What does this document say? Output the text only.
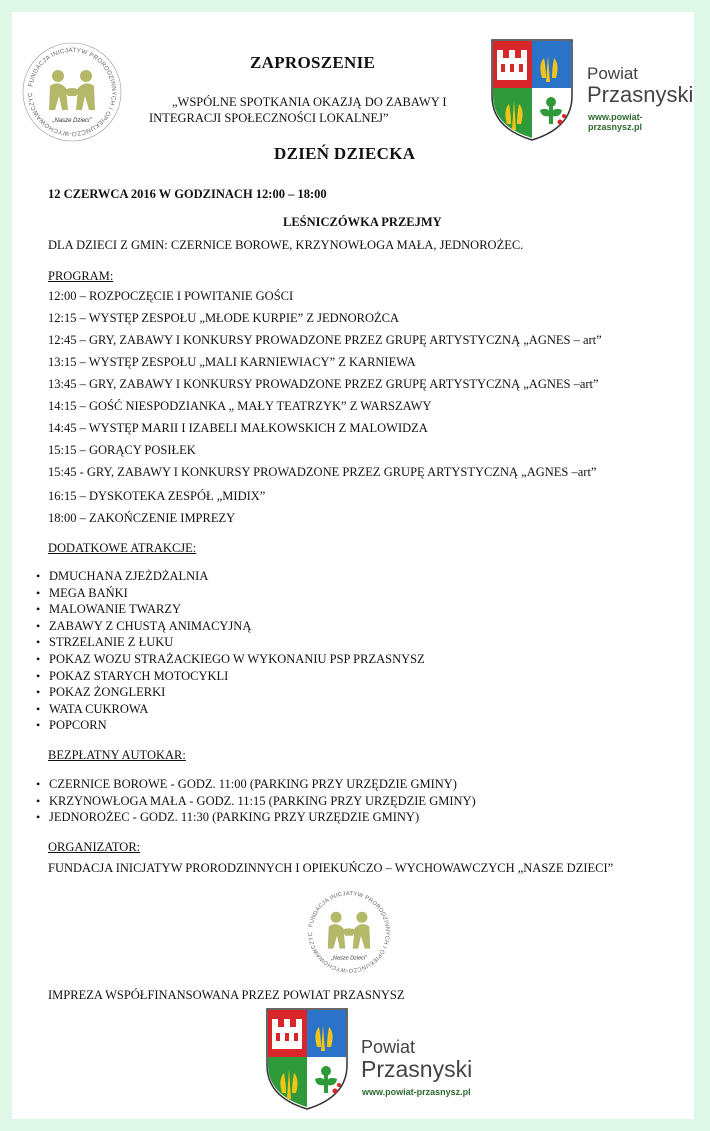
FUNDACJA INICJATYW PRORODZINNYCH I OPIEKUŃCZO-WYCHOWAWCZYC
„Nasze Dzieci”
ZAPROSZENIE
„WSPÓLNE SPOTKANIA OKAZJĄ DO ZABAWY I
INTEGRACJI SPOŁECZNOŚCI LOKALNEJ”
DZIEŃ DZIECKA
Powiat
Przasnyski
www.powiat-przasnysz.pl
12 CZERWCA 2016 W GODZINACH 12:00 – 18:00
LEŚNICZÓWKA PRZEJMY
DLA DZIECI Z GMIN: CZERNICE BOROWE, KRZYNOWŁOGA MAŁA, JEDNOROŻEC.
PROGRAM:
12:00 – ROZPOCZĘCIE I POWITANIE GOŚCI
12:15 – WYSTĘP ZESPOŁU „MŁODE KURPIE” Z JEDNOROŻCA
12:45 – GRY, ZABAWY I KONKURSY PROWADZONE PRZEZ GRUPĘ ARTYSTYCZNĄ „AGNES – art”
13:15 – WYSTĘP ZESPOŁU „MALI KARNIEWIACY” Z KARNIEWA
13:45 – GRY, ZABAWY I KONKURSY PROWADZONE PRZEZ GRUPĘ ARTYSTYCZNĄ „AGNES –art”
14:15 – GOŚĆ NIESPODZIANKA „ MAŁY TEATRZYK” Z WARSZAWY
14:45 – WYSTĘP MARII I IZABELI MAŁKOWSKICH Z MALOWIDZA
15:15 – GORĄCY POSIŁEK
15:45 - GRY, ZABAWY I KONKURSY PROWADZONE PRZEZ GRUPĘ ARTYSTYCZNĄ „AGNES –art”
16:15 – DYSKOTEKA ZESPÓŁ „MIDIX”
18:00 – ZAKOŃCZENIE IMPREZY
DODATKOWE ATRAKCJE:
• DMUCHANA ZJEŻDŻALNIA
• MEGA BAŃKI
• MALOWANIE TWARZY
• ZABAWY Z CHUSTĄ ANIMACYJNĄ
• STRZELANIE Z ŁUKU
• POKAZ WOZU STRAŻACKIEGO W WYKONANIU PSP PRZASNYSZ
• POKAZ STARYCH MOTOCYKLI
• POKAZ ŻONGLERKI
• WATA CUKROWA
• POPCORN
BEZPŁATNY AUTOKAR:
• CZERNICE BOROWE - GODZ. 11:00 (PARKING PRZY URZĘDZIE GMINY)
• KRZYNOWŁOGA MAŁA - GODZ. 11:15 (PARKING PRZY URZĘDZIE GMINY)
• JEDNOROŻEC - GODZ. 11:30 (PARKING PRZY URZĘDZIE GMINY)
ORGANIZATOR:
FUNDACJA INICJATYW PRORODZINNYCH I OPIEKUŃCZO – WYCHOWAWCZYCH „NASZE DZIECI”
FUNDACJA INICJATYW PRORODZINNYCH I OPIEKUŃCZO-WYCHOWAWCZYC
„Nasze Dzieci”
IMPREZA WSPÓŁFINANSOWANA PRZEZ POWIAT PRZASNYSZ
Powiat
Przasnyski
www.powiat-przasnysz.pl
